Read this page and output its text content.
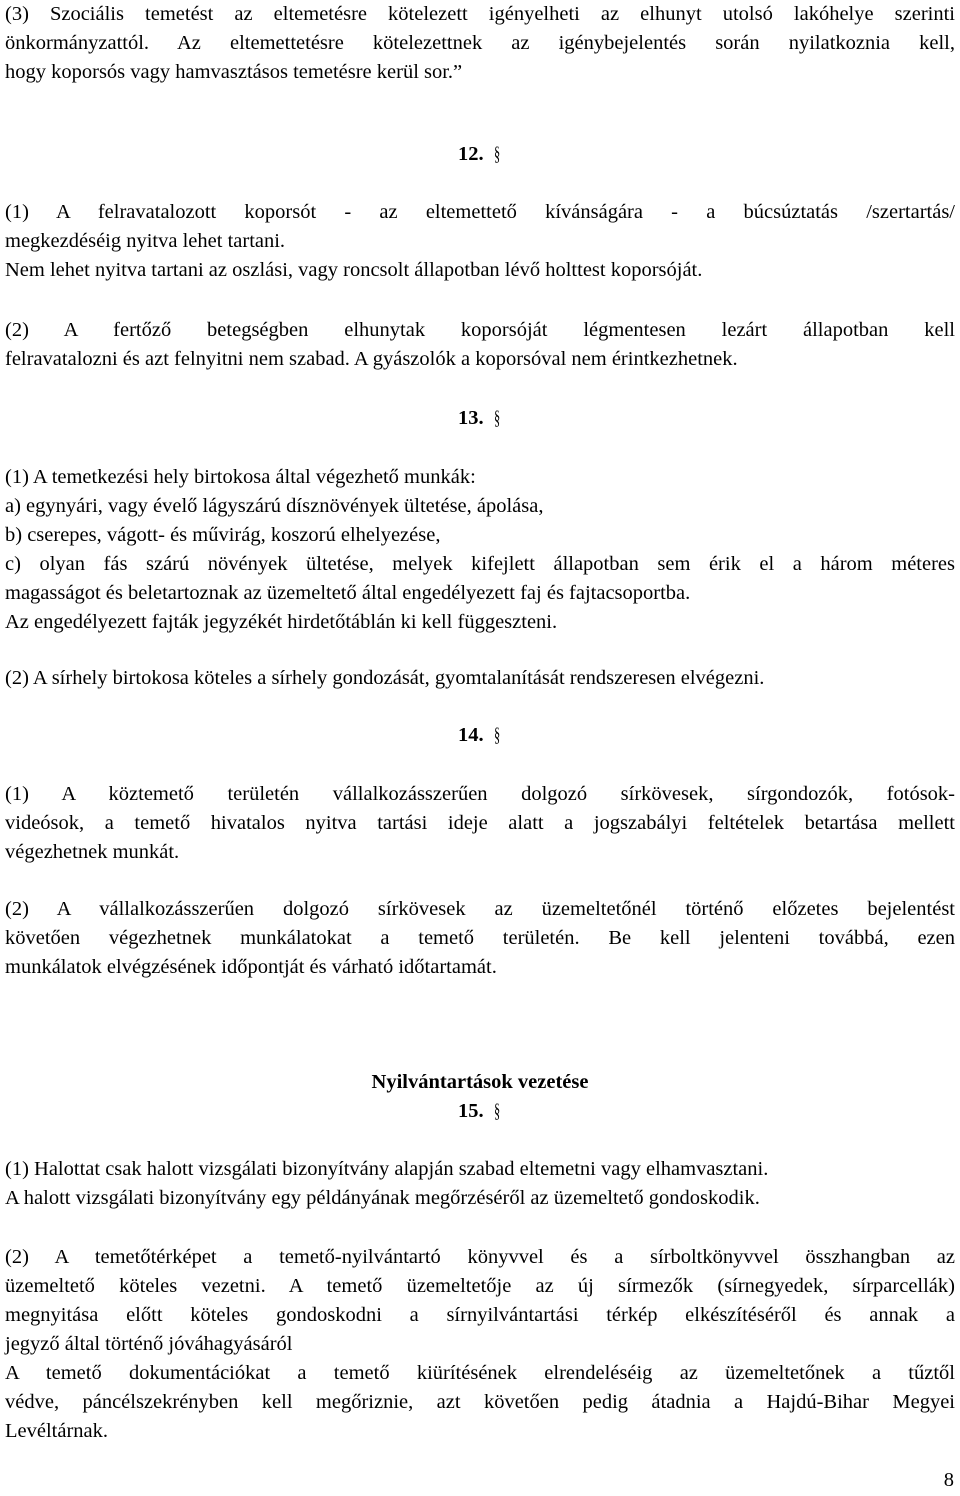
(3) Szociális temetést az eltemetésre kötelezett igényelheti az elhunyt utolsó lakóhelye szerinti
önkormányzattól. Az eltemettetésre kötelezettnek az igénybejelentés során nyilatkoznia kell,
hogy koporsós vagy hamvasztásos temetésre kerül sor.”

12. §

(1) A felravatalozott koporsót - az eltemettető kívánságára - a búcsúztatás /szertartás/
megkezdéséig nyitva lehet tartani.
Nem lehet nyitva tartani az oszlási, vagy roncsolt állapotban lévő holttest koporsóját.

(2) A fertőző betegségben elhunytak koporsóját légmentesen lezárt állapotban kell
felravatalozni és azt felnyitni nem szabad. A gyászolók a koporsóval nem érintkezhetnek.

13. §

(1) A temetkezési hely birtokosa által végezhető munkák:
a) egynyári, vagy évelő lágyszárú dísznövények ültetése, ápolása,
b) cserepes, vágott- és művirág, koszorú elhelyezése,
c) olyan fás szárú növények ültetése, melyek kifejlett állapotban sem érik el a három méteres
magasságot és beletartoznak az üzemeltető által engedélyezett faj és fajtacsoportba.
Az engedélyezett fajták jegyzékét hirdetőtáblán ki kell függeszteni.

(2) A sírhely birtokosa köteles a sírhely gondozását, gyomtalanítását rendszeresen elvégezni.

14. §

(1) A köztemető területén vállalkozásszerűen dolgozó sírkövesek, sírgondozók, fotósok-
videósok, a temető hivatalos nyitva tartási ideje alatt a jogszabályi feltételek betartása mellett
végezhetnek munkát.

(2) A vállalkozásszerűen dolgozó sírkövesek az üzemeltetőnél történő előzetes bejelentést
követően végezhetnek munkálatokat a temető területén. Be kell jelenteni továbbá, ezen
munkálatok elvégzésének időpontját és várható időtartamát.

Nyilvántartások vezetése
15. §

(1) Halottat csak halott vizsgálati bizonyítvány alapján szabad eltemetni vagy elhamvasztani.
A halott vizsgálati bizonyítvány egy példányának megőrzéséről az üzemeltető gondoskodik.

(2) A temetőtérképet a temető-nyilvántartó könyvvel és a sírboltkönyvvel összhangban az
üzemeltető köteles vezetni. A temető üzemeltetője az új sírmezők (sírnegyedek, sírparcellák)
megnyitása előtt köteles gondoskodni a sírnyilvántartási térkép elkészítéséről és annak a
jegyző által történő jóváhagyásáról
A temető dokumentációkat a temető kiürítésének elrendeléséig az üzemeltetőnek a tűztől
védve, páncélszekrényben kell megőriznie, azt követően pedig átadnia a Hajdú-Bihar Megyei
Levéltárnak.

8
